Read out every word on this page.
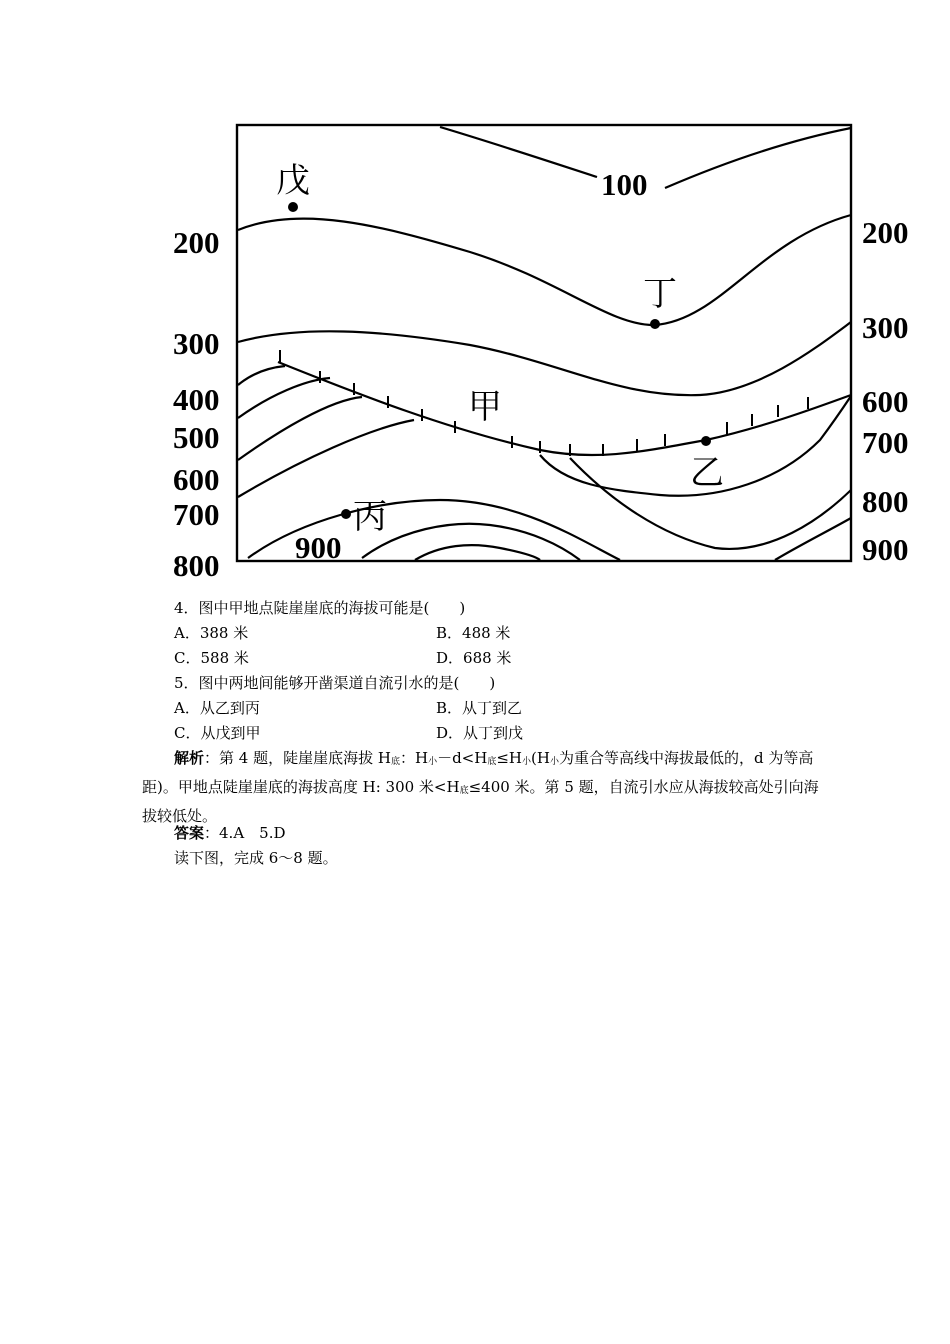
戊
丁
甲
乙
丙
100
900
200
300
400
500
600
700
800
200
300
600
700
800
900
4．图中甲地点陡崖崖底的海拔可能是(　　)
A．388 米	B．488 米
C．588 米	D．688 米
5．图中两地间能够开凿渠道自流引水的是(　　)
A．从乙到丙	B．从丁到乙
C．从戊到甲	D．从丁到戊
解析：第 4 题，陡崖崖底海拔 $H_底$：$H_小-d<H_底\le H_小(H_小$为重合等高线中海拔最低的，d 为等高距)。甲地点陡崖崖底的海拔高度 H: 300 米$<H_底\le 400$ 米。第 5 题，自流引水应从海拔较高处引向海拔较低处。
答案：4.A　5.D
读下图，完成 6～8 题。
